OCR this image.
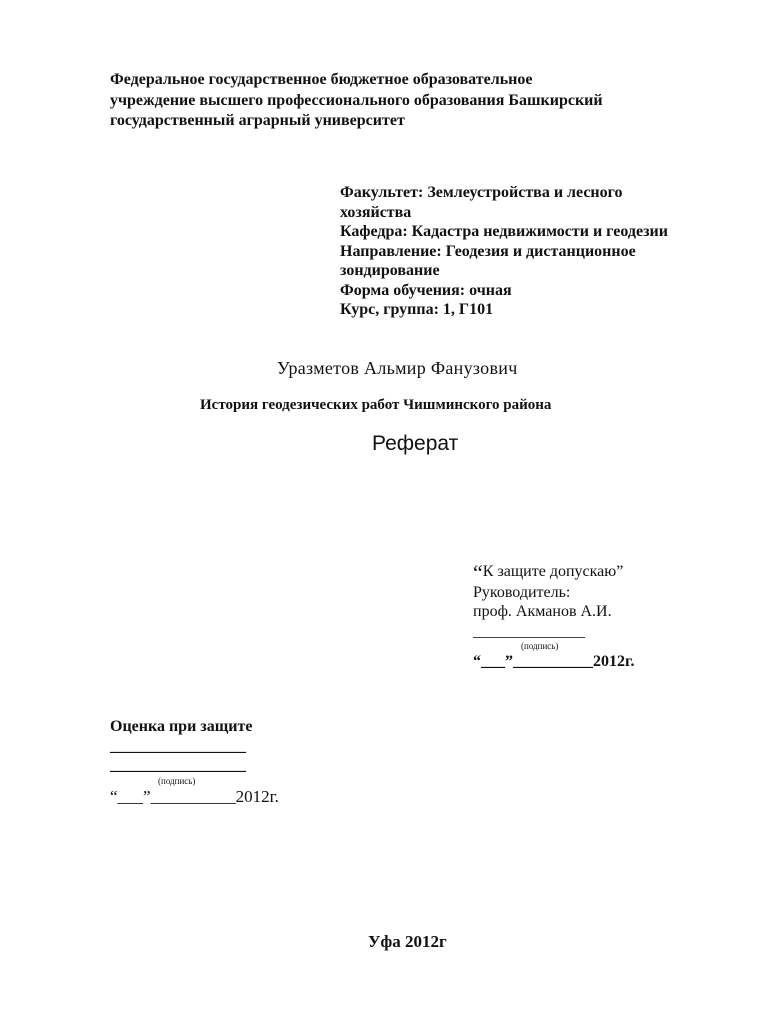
Федеральное государственное бюджетное образовательное
учреждение высшего профессионального образования Башкирский
государственный аграрный университет
Факультет: Землеустройства и лесного
хозяйства
Кафедра: Кадастра недвижимости и геодезии
Направление: Геодезия и дистанционное
зондирование
Форма обучения: очная
Курс, группа: 1, Г101
Уразметов Альмир Фанузович
История геодезических работ Чишминского района
Реферат
“К защите допускаю”
Руководитель:
проф. Акманов А.И.
______________
(подпись)
“___”__________2012г.
Оценка при защите
_________________
_________________
(подпись)
“___”__________2012г.
Уфа 2012г
